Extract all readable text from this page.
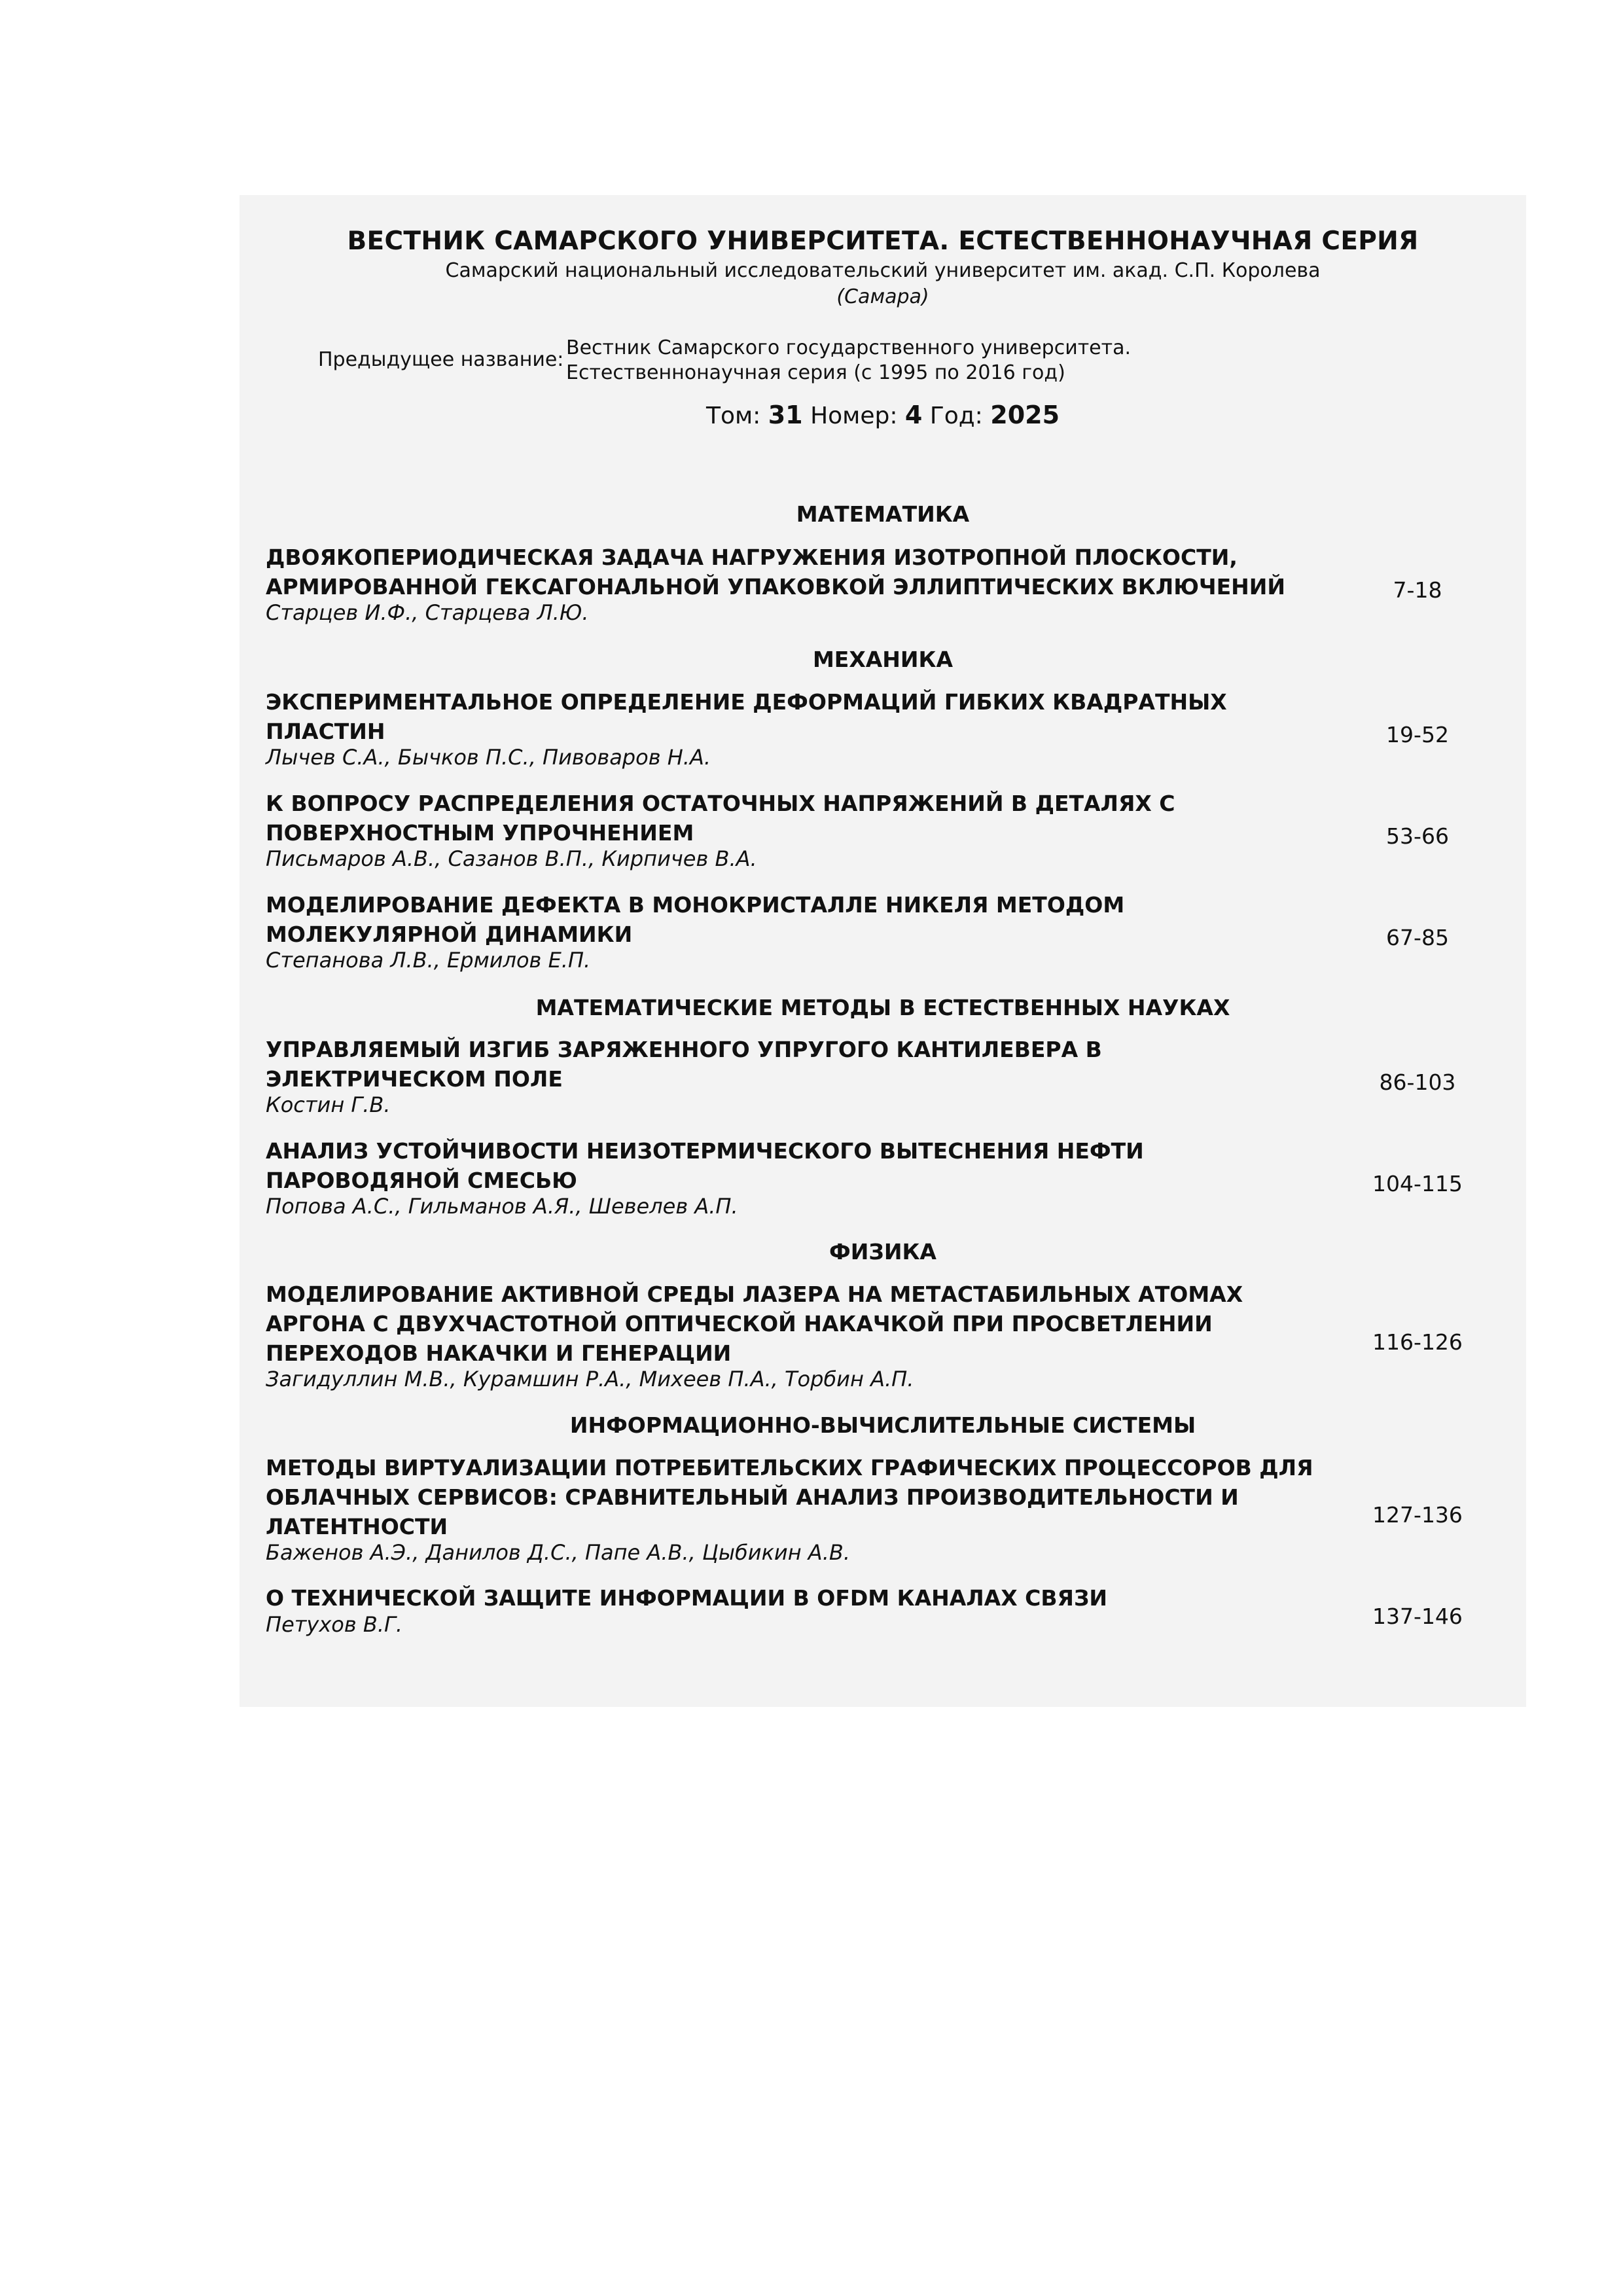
ВЕСТНИК САМАРСКОГО УНИВЕРСИТЕТА. ЕСТЕСТВЕННОНАУЧНАЯ СЕРИЯ
Самарский национальный исследовательский университет им. акад. С.П. Королева
(Самара)
Предыдущее название:
Вестник Самарского государственного университета.
Естественнонаучная серия (с 1995 по 2016 год)
Том: 31 Номер: 4 Год: 2025
МАТЕМАТИКА
ДВОЯКОПЕРИОДИЧЕСКАЯ ЗАДАЧА НАГРУЖЕНИЯ ИЗОТРОПНОЙ ПЛОСКОСТИ,
АРМИРОВАННОЙ ГЕКСАГОНАЛЬНОЙ УПАКОВКОЙ ЭЛЛИПТИЧЕСКИХ ВКЛЮЧЕНИЙ
Старцев И.Ф., Старцева Л.Ю.
7-18
МЕХАНИКА
ЭКСПЕРИМЕНТАЛЬНОЕ ОПРЕДЕЛЕНИЕ ДЕФОРМАЦИЙ ГИБКИХ КВАДРАТНЫХ
ПЛАСТИН
Лычев С.А., Бычков П.С., Пивоваров Н.А.
19-52
К ВОПРОСУ РАСПРЕДЕЛЕНИЯ ОСТАТОЧНЫХ НАПРЯЖЕНИЙ В ДЕТАЛЯХ С
ПОВЕРХНОСТНЫМ УПРОЧНЕНИЕМ
Письмаров А.В., Сазанов В.П., Кирпичев В.А.
53-66
МОДЕЛИРОВАНИЕ ДЕФЕКТА В МОНОКРИСТАЛЛЕ НИКЕЛЯ МЕТОДОМ
МОЛЕКУЛЯРНОЙ ДИНАМИКИ
Степанова Л.В., Ермилов Е.П.
67-85
МАТЕМАТИЧЕСКИЕ МЕТОДЫ В ЕСТЕСТВЕННЫХ НАУКАХ
УПРАВЛЯЕМЫЙ ИЗГИБ ЗАРЯЖЕННОГО УПРУГОГО КАНТИЛЕВЕРА В
ЭЛЕКТРИЧЕСКОМ ПОЛЕ
Костин Г.В.
86-103
АНАЛИЗ УСТОЙЧИВОСТИ НЕИЗОТЕРМИЧЕСКОГО ВЫТЕСНЕНИЯ НЕФТИ
ПАРОВОДЯНОЙ СМЕСЬЮ
Попова А.С., Гильманов А.Я., Шевелев А.П.
104-115
ФИЗИКА
МОДЕЛИРОВАНИЕ АКТИВНОЙ СРЕДЫ ЛАЗЕРА НА МЕТАСТАБИЛЬНЫХ АТОМАХ
АРГОНА С ДВУХЧАСТОТНОЙ ОПТИЧЕСКОЙ НАКАЧКОЙ ПРИ ПРОСВЕТЛЕНИИ
ПЕРЕХОДОВ НАКАЧКИ И ГЕНЕРАЦИИ
Загидуллин М.В., Курамшин Р.А., Михеев П.А., Торбин А.П.
116-126
ИНФОРМАЦИОННО-ВЫЧИСЛИТЕЛЬНЫЕ СИСТЕМЫ
МЕТОДЫ ВИРТУАЛИЗАЦИИ ПОТРЕБИТЕЛЬСКИХ ГРАФИЧЕСКИХ ПРОЦЕССОРОВ ДЛЯ
ОБЛАЧНЫХ СЕРВИСОВ: СРАВНИТЕЛЬНЫЙ АНАЛИЗ ПРОИЗВОДИТЕЛЬНОСТИ И
ЛАТЕНТНОСТИ
Баженов А.Э., Данилов Д.С., Папе А.В., Цыбикин А.В.
127-136
О ТЕХНИЧЕСКОЙ ЗАЩИТЕ ИНФОРМАЦИИ В OFDM КАНАЛАХ СВЯЗИ
Петухов В.Г.	137-146
